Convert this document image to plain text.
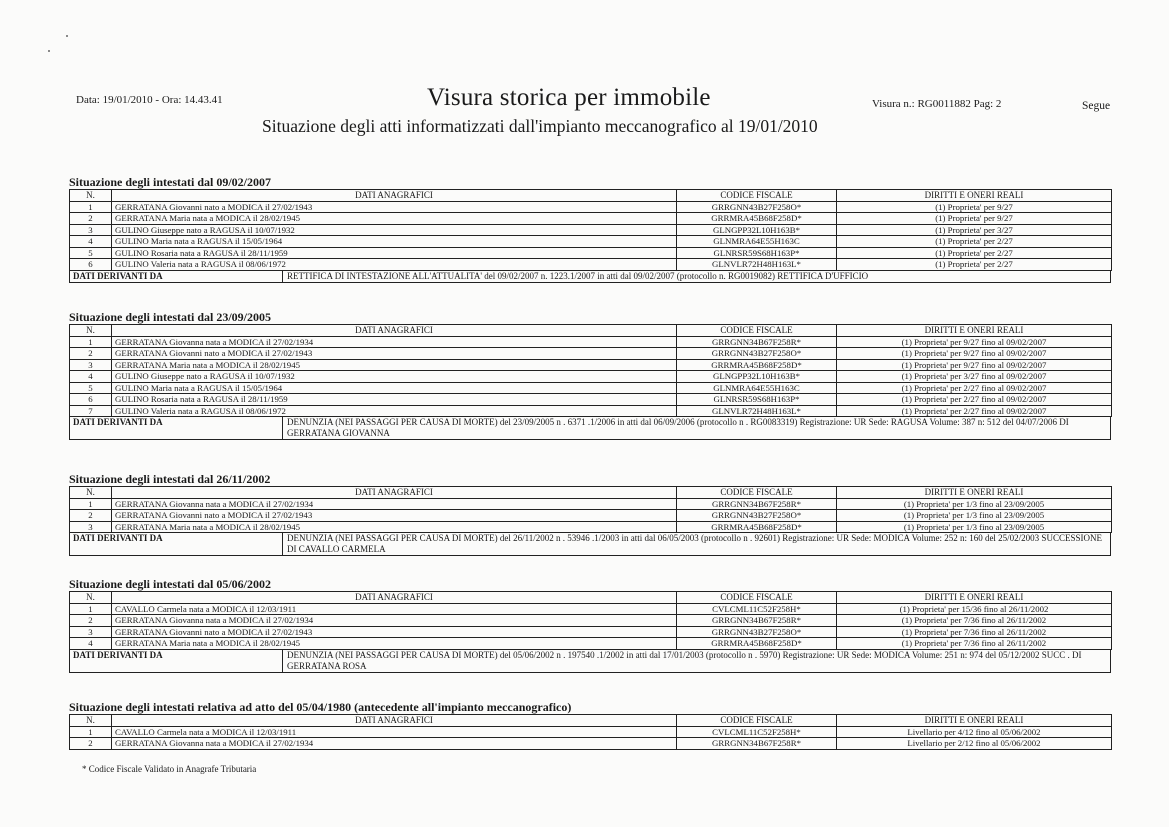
Data: 19/01/2010 - Ora: 14.43.41	Visura storica per immobile
Situazione degli atti informatizzati dall'impianto meccanografico al 19/01/2010
Visura n.: RG0011882 Pag: 2	Segue
Situazione degli intestati dal 09/02/2007
N.	DATI ANAGRAFICI	CODICE FISCALE	DIRITTI E ONERI REALI
1	GERRATANA Giovanni nato a MODICA il 27/02/1943	GRRGNN43B27F258O*	(1) Proprieta' per 9/27
2	GERRATANA Maria nata a MODICA il 28/02/1945	GRRMRA45B68F258D*	(1) Proprieta' per 9/27
3	GULINO Giuseppe nato a RAGUSA il 10/07/1932	GLNGPP32L10H163B*	(1) Proprieta' per 3/27
4	GULINO Maria nata a RAGUSA il 15/05/1964	GLNMRA64E55H163C	(1) Proprieta' per 2/27
5	GULINO Rosaria nata a RAGUSA il 28/11/1959	GLNRSR59S68H163P*	(1) Proprieta' per 2/27
6	GULINO Valeria nata a RAGUSA il 08/06/1972	GLNVLR72H48H163L*	(1) Proprieta' per 2/27
DATI DERIVANTI DA	RETTIFICA DI INTESTAZIONE ALL'ATTUALITA' del 09/02/2007 n. 1223.1/2007 in atti dal 09/02/2007 (protocollo n. RG0019082) RETTIFICA D'UFFICIO
Situazione degli intestati dal 23/09/2005
N.	DATI ANAGRAFICI	CODICE FISCALE	DIRITTI E ONERI REALI
1	GERRATANA Giovanna nata a MODICA il 27/02/1934	GRRGNN34B67F258R*	(1) Proprieta' per 9/27 fino al 09/02/2007
2	GERRATANA Giovanni nato a MODICA il 27/02/1943	GRRGNN43B27F258O*	(1) Proprieta' per 9/27 fino al 09/02/2007
3	GERRATANA Maria nata a MODICA il 28/02/1945	GRRMRA45B68F258D*	(1) Proprieta' per 9/27 fino al 09/02/2007
4	GULINO Giuseppe nato a RAGUSA il 10/07/1932	GLNGPP32L10H163B*	(1) Proprieta' per 3/27 fino al 09/02/2007
5	GULINO Maria nata a RAGUSA il 15/05/1964	GLNMRA64E55H163C	(1) Proprieta' per 2/27 fino al 09/02/2007
6	GULINO Rosaria nata a RAGUSA il 28/11/1959	GLNRSR59S68H163P*	(1) Proprieta' per 2/27 fino al 09/02/2007
7	GULINO Valeria nata a RAGUSA il 08/06/1972	GLNVLR72H48H163L*	(1) Proprieta' per 2/27 fino al 09/02/2007
DATI DERIVANTI DA	DENUNZIA (NEI PASSAGGI PER CAUSA DI MORTE) del 23/09/2005 n . 6371 .1/2006 in atti dal 06/09/2006 (protocollo n . RG0083319) Registrazione: UR Sede: RAGUSA Volume: 387 n: 512 del 04/07/2006 DI GERRATANA GIOVANNA
Situazione degli intestati dal 26/11/2002
N.	DATI ANAGRAFICI	CODICE FISCALE	DIRITTI E ONERI REALI
1	GERRATANA Giovanna nata a MODICA il 27/02/1934	GRRGNN34B67F258R*	(1) Proprieta' per 1/3 fino al 23/09/2005
2	GERRATANA Giovanni nato a MODICA il 27/02/1943	GRRGNN43B27F258O*	(1) Proprieta' per 1/3 fino al 23/09/2005
3	GERRATANA Maria nata a MODICA il 28/02/1945	GRRMRA45B68F258D*	(1) Proprieta' per 1/3 fino al 23/09/2005
DATI DERIVANTI DA	DENUNZIA (NEI PASSAGGI PER CAUSA DI MORTE) del 26/11/2002 n . 53946 .1/2003 in atti dal 06/05/2003 (protocollo n . 92601) Registrazione: UR Sede: MODICA Volume: 252 n: 160 del 25/02/2003 SUCCESSIONE DI CAVALLO CARMELA
Situazione degli intestati dal 05/06/2002
N.	DATI ANAGRAFICI	CODICE FISCALE	DIRITTI E ONERI REALI
1	CAVALLO Carmela nata a MODICA il 12/03/1911	CVLCML11C52F258H*	(1) Proprieta' per 15/36 fino al 26/11/2002
2	GERRATANA Giovanna nata a MODICA il 27/02/1934	GRRGNN34B67F258R*	(1) Proprieta' per 7/36 fino al 26/11/2002
3	GERRATANA Giovanni nato a MODICA il 27/02/1943	GRRGNN43B27F258O*	(1) Proprieta' per 7/36 fino al 26/11/2002
4	GERRATANA Maria nata a MODICA il 28/02/1945	GRRMRA45B68F258D*	(1) Proprieta' per 7/36 fino al 26/11/2002
DATI DERIVANTI DA	DENUNZIA (NEI PASSAGGI PER CAUSA DI MORTE) del 05/06/2002 n . 197540 .1/2002 in atti dal 17/01/2003 (protocollo n . 5970) Registrazione: UR Sede: MODICA Volume: 251 n: 974 del 05/12/2002 SUCC . DI GERRATANA ROSA
Situazione degli intestati relativa ad atto del 05/04/1980 (antecedente all'impianto meccanografico)
N.	DATI ANAGRAFICI	CODICE FISCALE	DIRITTI E ONERI REALI
1	CAVALLO Carmela nata a MODICA il 12/03/1911	CVLCML11C52F258H*	Livellario per 4/12 fino al 05/06/2002
2	GERRATANA Giovanna nata a MODICA il 27/02/1934	GRRGNN34B67F258R*	Livellario per 2/12 fino al 05/06/2002
* Codice Fiscale Validato in Anagrafe Tributaria
